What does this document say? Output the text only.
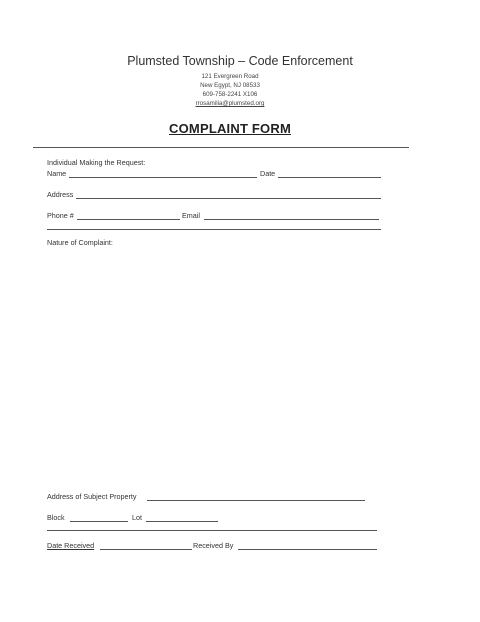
Plumsted Township – Code Enforcement
121 Evergreen Road
New Egypt, NJ 08533
609-758-2241 X106
rrosamilia@plumsted.org
COMPLAINT FORM
Individual Making the Request:
Name	Date
Address
Phone #	Email
Nature of Complaint:
Address of Subject Property
Block	Lot
Date Received	Received By
